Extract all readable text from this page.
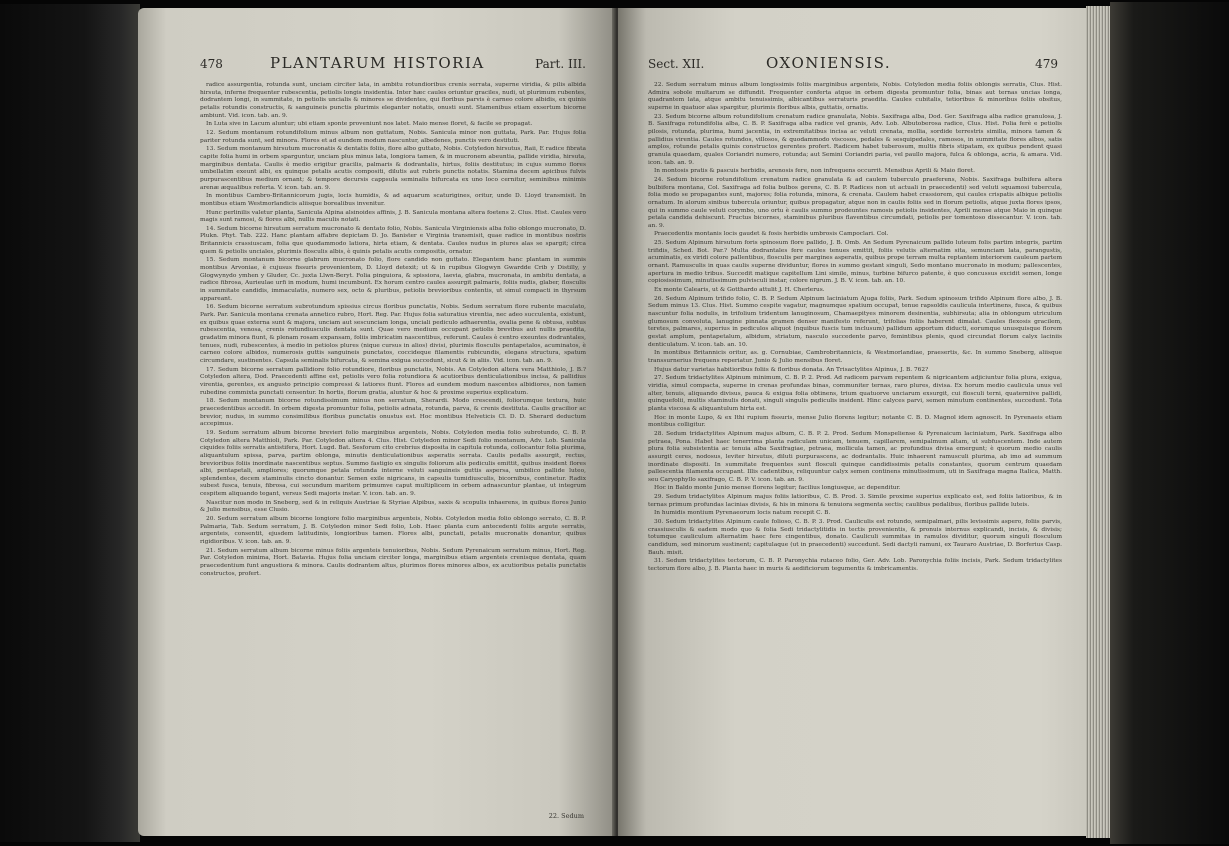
478	PLANTARUM HISTORIA	Part. III.

radice assurgentia, rotunda sunt, unciam circiter lata, in ambitu rotundioribus crenis serrata, superne viridia, & pilis albida hirsuta, inferne frequenter rubescentia, petiolis longis insidentia. Inter hæc caules oriuntur graciles, nudi, ut plurimum rubentes, dodrantem longi, in summitate, in petiolis uncialis & minores se dividentes, qui floribus parvis è carneo colore albidis, ex quinis petalis rotundis constructis, & sanguineis punctis plurimis eleganter notatis, onusti sunt. Stamenibus etiam exsertum bicorne ambiunt. Vid. icon. tab. an. 9.

In Luta sive in Lacum aluntur; ubi etiam sponte proveniunt nos latet. Maio mense floret, & facile se propagat.

12. Sedum montanum rotundifolium minus album non guttatum, Nobis. Sanicula minor non guttata, Park. Par. Hujus folia pariter rotunda sunt, sed minora. Flores et ad eundem modum nascuntur, albedenes, punctis vero destituti.

13. Sedum montanum hirsutum mucronatis & dentatis foliis, flore albo guttato, Nobis. Cotyledon hirsutus, Raii, E radice fibrata capite folia humi in orbem sparguntur, unciam plus minus lata, longiora tamen, & in mucronem abeuntia, pallide viridia, hirsuta, marginibus dentata. Caulis è medio erigitur gracilis, palmaris & dodrantalis, hirtus, foliis destitutus; in cujus summo flores umbellatim exeunt albi, ex quinque petalis acutis compositi, dilutis aut rubris punctis notatis. Stamina decem apicibus fulvis purpurascentibus medium ornant; & tempore decursis cappsula seminalis bifurcata ex uno loco cernitur, seminibus minimis arenæ æqualibus referta. V. icon. tab. an. 9.

In montibus Cambro-Britannicorum jugis, locis humidis, & ad aquarum scaturigines, oritur, unde D. Lloyd transmisit. In montibus etiam Westmorlandicis aliisque borealibus invenitur.

Hunc perlinilis valetur planta, Sanicula Alpina alsinoides affinis, J. B. Sanicula montana altera foetens 2. Clus. Hist. Caules vero magis sunt ramosi, & flores albi, nullis maculis notati.

14. Sedum bicorne hirsutum serratum mucronato & dentato folio, Nobis. Sanicula Virginiensis alba folio oblongo mucronato, D. Plukn. Phyt. Tab. 222. Hanc plantam affabre depictam D. Jo. Banister e Virginia transmisit, quae radice in montibus nostris Britannicis crassiuscam, folia que quodammodo latiora, hirta etiam, & dentata. Caules nudus in plures alas se spargit; circa quem & petiolis unciales, plurimis flosculis albis, è quinis petalis acutis compositis, ornatur.

15. Sedum montanum bicorne glabrum mucronato folio, flore candido non guttato. Elegantem hanc plantam in summis montibus Arvoniae, è cujusus fissuris provenientem, D. Lloyd detexit; ut & in rupibus Glogwyn Gwardde Crib y Distilly, y Glogwynydo ymhen y Gluder, Cc. juxta Llwn-Beryt. Folia pinguiora, & spissiora, laevia, glabra, mucronata, in ambitu dentata, a radice fibrosa, Aurieulae urfi in modum, humi incumbunt. Ex horum centro caules assurgit palmaris, foliis nudis, glaber, flosculis in summitate candidis, immaculatis, numero sex, octo & pluribus, petiolis brevioribus contentis, ut simul compacti in thyrsum appareant.

16. Sedum bicorne serratum subrotundum spissius circus floribus punctatis, Nobis. Sedum serratum flore rubente maculato, Park. Par. Sanicula montana crenata annetico rubro, Hort. Reg. Par. Hujus folia saturatius virentia, nec adeo succulenta, existunt, ex quibus quae externa sunt & majora, unciam aut sescunciam longa, unciali pediculo adhaerentia, ovalia pene & obtusa, subtus rubescentia, venosa, crenis rotundiusculis dentata sunt. Quae vero medium occupant petiolis brevibus aut nullis praedita, gradatim minora fiunt, & plenam rosam expansam, foliis imbricatim nascentibus, referunt. Caules è centro exeuntes dodrantales, tenues, nudi, rubescentes, à medio in petiolos plures (nique cursus in alios) divisi, plurimis flosculis pentapetalos, acuminatos, è carneo colore albidos, numerosis guttis sanguineis punctatos, coccideque filamentis rubicundis, elegans structura, spatum circumdare, sustinentes. Capsula seminalis bifurcata, & semina exigua succedunt, sicut & in aliis. Vid. icon. tab. an. 9.

17. Sedum bicorne serratum pallidiore folio rotundiore, floribus punctatis, Nobis. An Cotyledon altera vera Matthiolo, J. B.? Cotyledon altera, Dod. Praecedenti affine est, petiolis vero folia rotundiora & acutioribus denticulationibus incisa, & pallidius virentia, gerentes, ex angusto principio compressi & latiores fiunt. Flores ad eundem modum nascentes albidiores, non tamen rubedine commixta punctati censentur. In hortis, florum gratia, aluntur & hoc & proxime superius explicatum.

18. Sedum montanum bicorne rotundissimum minus non serratum, Sherardi. Modo crescendi, foliorumque textura, huic praecedentibus accedit. In orbem digesta promuntur folia, petiolis adnata, rotunda, parva, & crenis destituta. Caulis gracilior ac brevior, nudus, in summo consimilibus floribus punctatis onustus est. Hoc montibus Helveticis Cl. D. D. Sherard deductum accepimus.

19. Sedum serratum album bicorne brevieri folio marginibus argenteis, Nobis. Cotyledon media folio subrotundo, C. B. P. Cotyledon altera Matthioli, Park. Par. Cotyledon altera 4. Clus. Hist. Cotyledon minor Sedi folio montanum, Adv. Lob. Sanicula ciquides foliis serratis antistifera, Hort. Lugd. Bat. Sesforum cito crebrius disposita in capitula rotunda, collocantur folia plurima, aliquantulum spissa, parva, partim oblonga, minutis denticulationibus asperatis serrata. Caulis pedalis assurgit, rectus, brevioribus foliis inordinate nascentibus septus. Summo fastigio ex singulis foliorum alis pediculis emittit, quibus insident flores albi, pentapetali, ampliores; quorumque petala rotunda interne veluti sanguineis guttis aspersa, umbilico pallide luteo, splendentes, decem staminulis cincto donantur. Semen exile nigricans, in capsulis tumidiusculis, bicornibus, continetur. Radix subest fusca, tenuis, fibrosa, cui secundum maritem primumve caput multiplicem in orbem adnascuntur plantae, ut integrum cespitem aliquando tegant, versus Sedi majoris instar. V. icon. tab. an. 9.

Nascitur non modo in Sneberg, sed & in reliquis Austriae & Styriae Alpibus, saxis & scopulis inhaerens, in quibus flores Junio & Julio mensibus, esse Clusio.

20. Sedum serratum album bicorne longiore folio marginibus argenteis, Nobis. Cotyledon media folio oblongo serrato, C. B. P. Palmaria, Tab. Sedum serratum, J. B. Cotyledon minor Sedi folio, Lob. Haec planta cum antecedenti foliis argute serratis, argenteis, consentit, ejusdem latitudinis, longioribus tamen. Flores albi, punctati, petalis mucronatis donantur, quibus rigidioribus. V. icon. tab. an. 9.

21. Sedum serratum album bicorne minus foliis argenteis tenuioribus, Nobis. Sedum Pyrenaicum serratum minus, Hort. Reg. Par. Cotyledon minima, Hort. Batavia. Hujus folia unciam circiter longa, marginibus etiam argenteis crenisque dentata, quam praecedentium funt angustiora & minora. Caulis dodrantem altus, plurimos flores minores albos, ex acutioribus petalis punctatis constructos, profert.

22. Sedum
Sect. XII.	OXONIENSIS.	479

22. Sedum serratum minus album longissimis foliis marginibus argenteis, Nobis. Cotyledon media foliis oblongis serratis, Clus. Hist. Admira sobole multarum se diffundit. Frequenter conferta atque in orbem digesta promuntur folia, binas aut ternas uncias longa, quadrantem lata, atque ambitu tenuissimis, albicantibus serraturis praedita. Caules cubitalis, tetioribus & minoribus foliis obsitus, superne in quatuor alas spargitur, plurimis floribus albis, guttatis, ornatis.

23. Sedum bicorne album rotundifolium crenatum radice granulata, Nobis. Saxifraga alba, Dod. Ger. Saxifraga alba radice granulosa, J. B. Saxifraga rotundifolia alba, C. B. P. Saxifraga alba radice vel granis, Adv. Lob. Albutoberosa radice, Clus. Hist. Folia ferè e petiolis pilosis, rotunda, plurima, humi jacentia, in extremitatibus incisa ac veluti crenata, mollia, sordide terrestris similia, minora tamen & pallidius virentia. Caules rotundos, villosos, & quodammodo viscosos, pedales & sesquipedales, ramosos, in summitate flores albos, satis amplos, rotunde petalis quinis constructos gerentes profert. Radicem habet tuberosum, multis fibris stipatam, ex quibus pendent quasi granula quaedam, quales Coriandri numero, rotunda; aut Semini Coriandri paria, vel paullo majora, fulca & oblonga, acria, & amara. Vid. icon. tab. an. 9.

In montosis pratis & pascuis herbidis, arenosis fere, non infrequens occurrit. Mensibus Aprili & Maio floret.

24. Sedum bicorne rotundifolium crenatum radice granulata & ad caulem tuberculo praeferens, Nobis. Saxifraga bulbifera altera bulbifera montana, Col. Saxifraga ad folia bulbos gerens, C. B. P. Radices non ut actuali in praecedenti) sed veluti squamosi tubercula, folia modo se propagantes sunt, majores; folia rotunda, minora, & crenata. Caulem habet crassiorem, qui caules crispatis albique petiolis ornatum. In alorum sinibus tubercula oriuntur, quibus propagatur, atque non in caulis foliis sed in florum petiolis, atque juxta flores ipsos, qui in summo caule veluti corymbo, uno ortu è caulis summo prodeuntes ramosis petiolis insidentes, Aprili mense atque Maio in quinque petala candida dehiscunt. Fructus bicornes, staminibus pluribus flaventibus circumdati, petiolis per tomentoso dissecantur. V. icon. tab. an. 9.

Praecedentis montanis locis gaudet & fosis herbidis umbrosis Campoclari. Col.

25. Sedum Alpinum hirsutum foris spinosum flore pallido, J. B. Omb. An Sedum Pyrenaicum pallido luteum folis partim integris, partim trifidis, Sched. Bot. Par.? Multa dodrantales fere caules tenues emittit, foliis velutis alternatim sita, semunciam lata, parangustis, acuminatis, ex viridi colore pallentibus, flosculis per margines asperatis, quibus prope terram multa reptantem interiorem cauleum partem ornant. Ramusculis in quas caulis superne dividuntur, flores in summo gestant singuli, Sedo montano mucronato in modum; pallescentes, apertura in medio tribus. Succedit matique capitellum Lini simile, minus, turbine bifurco patente, è quo concussus excidit semen, longe copiosissimum, minutissimum pulvisculi instar, colore nigrum. J. B. V. icon. tab. an. 10.

Ex monte Calearis, ut & Gotthardo attulit J. H. Cherlerus.

26. Sedum Alpinum trifido folio, C. B. P. Sedum Alpinum laciniatum Ajuga foliis, Park. Sedum spinosum trifido Alpinum flore albo, J. B. Sedum minus 13. Clus. Hist. Summo cespite vagatur, magnumque spatium occupat, tenue rapsoldis caulicula intertinens, fusca, & quibus nascuntur folia nodulis, in trifolium tridentum lanuginosum, Chamaepityes minorem desinentia, subhirsuta; alia in oblongum utriculum glumosum convoluta, lanugine pinnata gramen denser manifesto referunt, trifolias foliis haberent dimalat. Caules flexosis gracilem, teretes, palmares, superius in pediculos aliquot (nquibus fuscis tum inclusum) pallidum apportum diducti, eorumque unusquisque florem gestat amplum, pentapetalum, albidum, striatum, nasculo succedente parvo, femintibus plenis, quod circundat florum calyx laciniis denticulatum. V. icon. tab. an. 10.

In montibus Britannicis oritur, as. g. Cornubiae, Cambrobritannicis, & Westmorlandiae, praesertis, &c. In summo Sneberg, aliisque transsurnerius frequens reperiatur. Junio & Julio mensibus floret.

Hujus datur varietas habitioribus foliis & floribus donata. An Trisactylites Alpinus, J. B. 762?

27. Sedum tridactylites Alpinum minimum, C. B. P. 2. Prod. Ad radicem parvam repentem & nigricantem adjiciuntur folia plura, exigua, viridia, simul compacta, superne in crenas profundas binas, communiter ternas, raro plures, divisa. Ex horum medio caulicula unus vel alter, tenuis, aliquando divisus, pauca & exigua folia obtinens, trium quatuorve unciarum exsurgit, cui flosculi terni, quaterniive pallidi, quinquefolii, multis staminulis donati, singuli singulis pediculis insident. Hinc calyces parvi, semen minutum continentes, succedunt. Tota planta viscosa & aliquantulum hirta est.

Hoc in monte Lupo, & ex Ithi rupium fissuris, mense Julio florens legitur; notante C. B. D. Magnol idem agnoscit. In Pyrenaeis etiam montibus colligitur.

28. Sedum tridactylites Alpinum majus album, C. B. P. 2. Prod. Sedum Monspeliense & Pyrenaicum laciniatum, Park. Saxifraga albo petraea, Pona. Habet haec tenerrima planta radiculam unicam, tenuem, capillarem, semipalmum altam, ut subfuscentem. Inde autem plura folia subsistentia ac tenuia alba Saxifragiae, petraea, mollicula tamen, ac profundius divisa emergunt; è quorum medio caulis assurgit ceres, nodosus, leviter hirsutus, diluti purpurascens, ac dodrantalis. Huic inhaerent ramusculi plurima, ab imo ad summum inordinate dispositi. In summitate frequentes sunt flosculi quinque candidissimis petalis constantes, quorum centrum quaedam pallescentia filamenta occupant. Illis cadentibus, reliquuntur calyx semen continens minutissimum, uti in Saxifraga magna Italica, Matth. seu Caryophyllo saxifrago, C. B. P. V. icon. tab. an. 9.

Hoc in Baldo monte Junio mense florens legitur; facilius longiusque, ac dependitur.

29. Sedum tridactylites Alpinum majus foliis latioribus, C. B. Prod. 3. Simile proxime superius explicato est, sed foliis latioribus, & in ternas primum profundas lacinias divisis, & his in minora & tenuiora segmenta sectis; caulibus pedalibus, floribus pallide luteis.

In humidis montium Pyrenaeorum locis natum recepit C. B.

30. Sedum tridactylites Alpinum caule folioso, C. B. P. 3. Prod. Cauliculis est rotundo, semipalmari, pilis levissimis aspero, foliis parvis, crassiusculis & eadem modo quo & folia Sedi tridactylitidis in tectis provenientis, & pronuis internus explicandi, incisis, & divisis; totumque cauliculum alternatim haec fere cingentibus, donato. Cauliculi summitas in ramulos dividitur, quorum singuli flosculum candidum, sed minorum sustinent; capitulaque (ut in praecedenti) succedunt. Sedi dactyli ramuni, ex Tauraro Austriae, D. Borferius Casp. Bauh. misit.

31. Sedum tridactylites tectorum, C. B. P. Paronychia rutaceo folio, Ger. Adv. Lob. Paronychia foliis incisis, Park. Sedum tridactylites tectorum flore albo, J. B. Planta haec in muris & aedificiorum tegumentis & imbricamentis.
